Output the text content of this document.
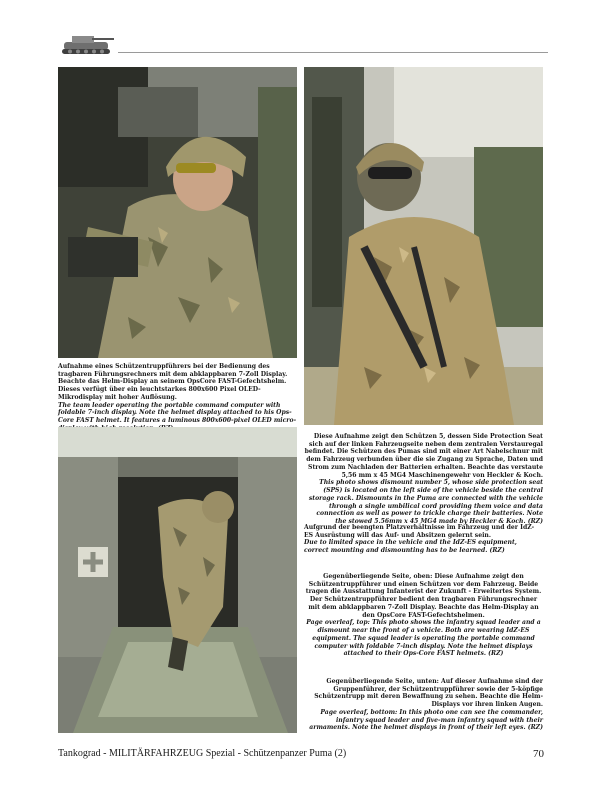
Aufnahme eines Schützentruppführers bei der Bedienung des tragbaren Führungsrechners mit dem abklappbaren 7-Zoll Display. Beachte das Helm-Display an seinem OpsCore FAST-Gefechtshelm. Dieses verfügt über ein leuchtstarkes 800x600 Pixel OLED-Mikrodisplay mit hoher Auflösung.
The team leader operating the portable command computer with foldable 7-inch display. Note the helmet display attached to his Ops-Core FAST helmet. It features a luminous 800x600-pixel OLED micro-
Diese Aufnahme zeigt den Schützen 5, dessen Side Protection Seat sich auf der linken Fahrzeugseite neben dem zentralen Verstauregal befindet. Die Schützen des Pumas sind mit einer Art Nabelschnur mit dem Fahrzeug verbunden über die sie Zugang zu Sprache, Daten und Strom zum Nachladen der Batterien erhalten. Beachte das verstaute 5,56 mm x 45 MG4 Maschinengewehr von Heckler & Koch.
This photo shows dismount number 5, whose side protection seat (SPS) is located on the left side of the vehicle beside the central storage rack. Dismounts in the Puma are connected with the vehicle through a single umbilical cord providing them voice and data connection as well as power to trickle charge their batteries. Note the stowed 5.56mm x 45 MG4 made by Heckler & Koch. (RZ)
Aufgrund der beengten Platzverhältnisse im Fahrzeug und der IdZ-ES Ausrüstung will das Auf- und Absitzen gelernt sein.
Due to limited space in the vehicle and the IdZ-ES equipment, correct mounting and dismounting has to be learned. (RZ)
Gegenüberliegende Seite, oben: Diese Aufnahme zeigt den Schützentruppführer und einen Schützen vor dem Fahrzeug. Beide tragen die Ausstattung Infanterist der Zukunft - Erweitertes System. Der Schützentruppführer bedient den tragbaren Führungsrechner mit dem abklappbaren 7-Zoll Display. Beachte das Helm-Display an den OpsCore FAST-Gefechtshelmen.
Page overleaf, top: This photo shows the infantry squad leader and a dismount near the front of a vehicle. Both are wearing IdZ-ES equipment. The squad leader is operating the portable command computer with foldable 7-inch display. Note the helmet displays attached to their Ops-Core FAST helmets. (RZ)
Gegenüberliegende Seite, unten: Auf dieser Aufnahme sind der Gruppenführer, der Schützentruppführer sowie der 5-köpfige Schützentrupp mit deren Bewaffnung zu sehen. Beachte die Helm-Displays vor ihren linken Augen.
Page overleaf, bottom: In this photo one can see the commander, infantry squad leader and five-man infantry squad with their armaments. Note the helmet displays in front of their left eyes. (RZ)
Tankograd - MILITÄRFAHRZEUG Spezial - Schützenpanzer Puma (2)	70
